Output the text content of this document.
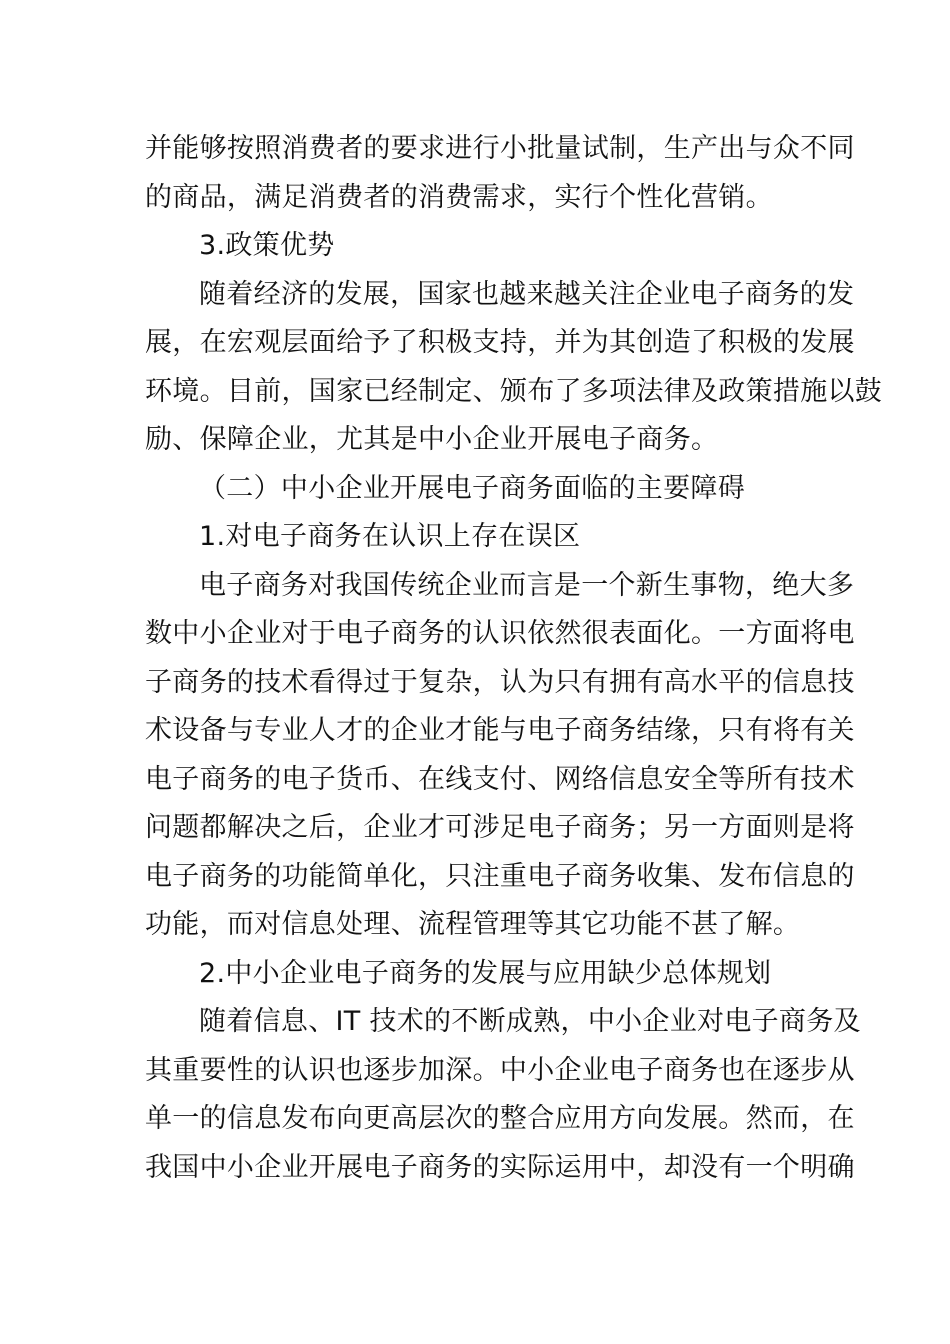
并能够按照消费者的要求进行小批量试制，生产出与众不同
的商品，满足消费者的消费需求，实行个性化营销。
3.政策优势
随着经济的发展，国家也越来越关注企业电子商务的发
展，在宏观层面给予了积极支持，并为其创造了积极的发展
环境。目前，国家已经制定、颁布了多项法律及政策措施以鼓
励、保障企业，尤其是中小企业开展电子商务。
（二）中小企业开展电子商务面临的主要障碍
1.对电子商务在认识上存在误区
电子商务对我国传统企业而言是一个新生事物，绝大多
数中小企业对于电子商务的认识依然很表面化。一方面将电
子商务的技术看得过于复杂，认为只有拥有高水平的信息技
术设备与专业人才的企业才能与电子商务结缘，只有将有关
电子商务的电子货币、在线支付、网络信息安全等所有技术
问题都解决之后，企业才可涉足电子商务；另一方面则是将
电子商务的功能简单化，只注重电子商务收集、发布信息的
功能，而对信息处理、流程管理等其它功能不甚了解。
2.中小企业电子商务的发展与应用缺少总体规划
随着信息、IT 技术的不断成熟，中小企业对电子商务及
其重要性的认识也逐步加深。中小企业电子商务也在逐步从
单一的信息发布向更高层次的整合应用方向发展。然而，在
我国中小企业开展电子商务的实际运用中，却没有一个明确
